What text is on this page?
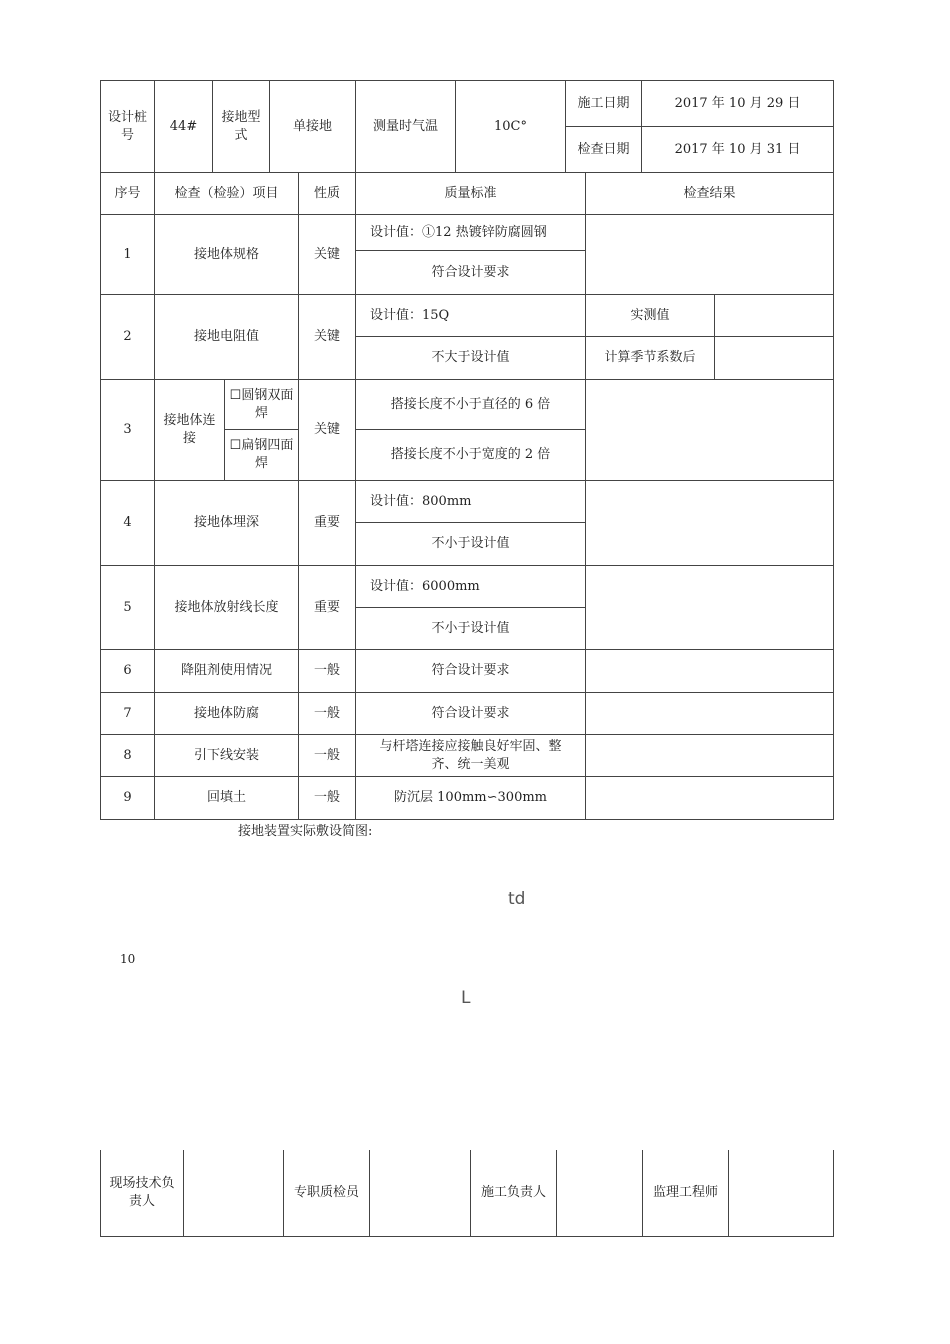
设计桩号	44#	接地型式	单接地	测量时气温	10C°	施工日期	2017 年 10 月 29 日
						检查日期	2017 年 10 月 31 日
序号	检查（检验）项目		性质	质量标准	检查结果	
1	接地体规格		关键	设计值：①12 热镀锌防腐圆钢		
				符合设计要求		
2	接地电阻值		关键	设计值：15Q	实测值	
				不大于设计值	计算季节系数后	
3	接地体连接	☐圆钢双面焊	关键	搭接长度不小于直径的 6 倍		
		☐扁钢四面焊		搭接长度不小于宽度的 2 倍		
4	接地体埋深		重要	设计值：800mm		
				不小于设计值		
5	接地体放射线长度		重要	设计值：6000mm		
				不小于设计值		
6	降阻剂使用情况		一般	符合设计要求		
7	接地体防腐		一般	符合设计要求		
8	引下线安装		一般	与杆塔连接应接触良好牢固、整齐、统一美观		
9	回填土		一般	防沉层 100mm∽300mm		
接地装置实际敷设简图:
td
10
L
现场技术负责人		专职质检员		施工负责人		监理工程师	
